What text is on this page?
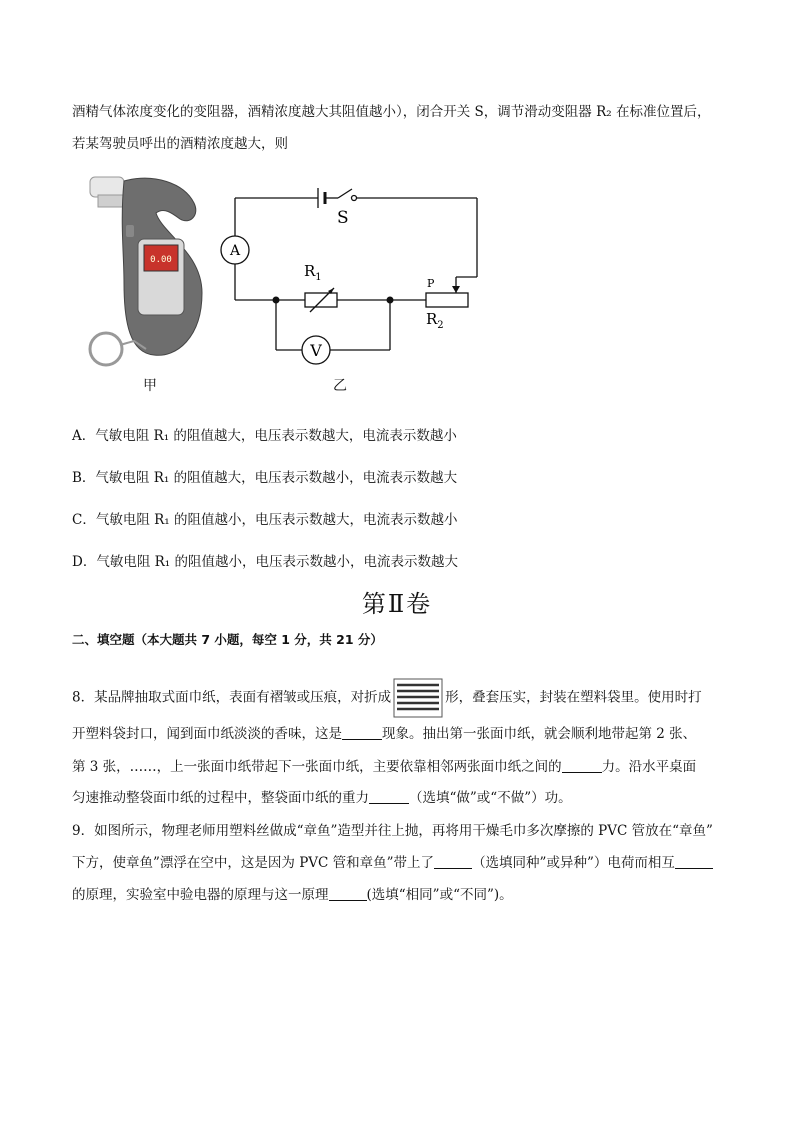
酒精气体浓度变化的变阻器，酒精浓度越大其阻值越小），闭合开关 S，调节滑动变阻器 R₂ 在标准位置后，
若某驾驶员呼出的酒精浓度越大，则
0.00
甲
A
V
S
$R_1$	P
$R_2$
乙
A．气敏电阻 R₁ 的阻值越大，电压表示数越大，电流表示数越小
B．气敏电阻 R₁ 的阻值越大，电压表示数越小，电流表示数越大
C．气敏电阻 R₁ 的阻值越小，电压表示数越大，电流表示数越小
D．气敏电阻 R₁ 的阻值越小，电压表示数越小，电流表示数越大
第Ⅱ卷
二、填空题（本大题共 7 小题，每空 1 分，共 21 分）
8．某品牌抽取式面巾纸，表面有褶皱或压痕，对折成	形，叠套压实，封装在塑料袋里。使用时打
开塑料袋封口，闻到面巾纸淡淡的香味，这是	现象。抽出第一张面巾纸，就会顺利地带起第 2 张、
第 3 张，……，上一张面巾纸带起下一张面巾纸，主要依靠相邻两张面巾纸之间的	力。沿水平桌面
匀速推动整袋面巾纸的过程中，整袋面巾纸的重力	（选填“做”或“不做”）功。
9．如图所示，物理老师用塑料丝做成“章鱼”造型并往上抛，再将用干燥毛巾多次摩擦的 PVC 管放在“章鱼”
下方，使章鱼”漂浮在空中，这是因为 PVC 管和章鱼”带上了	（选填同种”或异种”）电荷而相互
的原理，实验室中验电器的原理与这一原理	(选填“相同”或“不同”)。
